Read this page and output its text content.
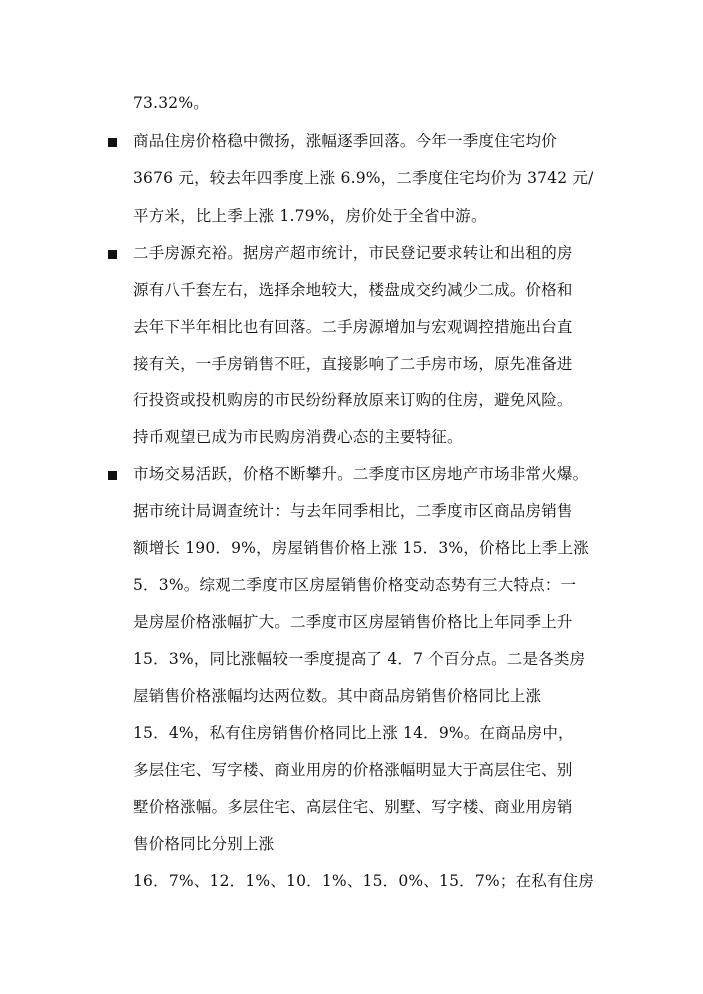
73.32%。
商品住房价格稳中微扬，涨幅逐季回落。今年一季度住宅均价
3676 元，较去年四季度上涨 6.9%，二季度住宅均价为 3742 元/
平方米，比上季上涨 1.79%，房价处于全省中游。
二手房源充裕。据房产超市统计，市民登记要求转让和出租的房
源有八千套左右，选择余地较大，楼盘成交约减少二成。价格和
去年下半年相比也有回落。二手房源增加与宏观调控措施出台直
接有关，一手房销售不旺，直接影响了二手房市场，原先准备进
行投资或投机购房的市民纷纷释放原来订购的住房，避免风险。
持币观望已成为市民购房消费心态的主要特征。
市场交易活跃，价格不断攀升。二季度市区房地产市场非常火爆。
据市统计局调查统计：与去年同季相比，二季度市区商品房销售
额增长 190．9%，房屋销售价格上涨 15．3%，价格比上季上涨
5．3%。综观二季度市区房屋销售价格变动态势有三大特点：一
是房屋价格涨幅扩大。二季度市区房屋销售价格比上年同季上升
15．3%，同比涨幅较一季度提高了 4．7 个百分点。二是各类房
屋销售价格涨幅均达两位数。其中商品房销售价格同比上涨
15．4%，私有住房销售价格同比上涨 14．9%。在商品房中，
多层住宅、写字楼、商业用房的价格涨幅明显大于高层住宅、别
墅价格涨幅。多层住宅、高层住宅、别墅、写字楼、商业用房销
售价格同比分别上涨
16．7%、12．1%、10．1%、15．0%、15．7%；在私有住房
